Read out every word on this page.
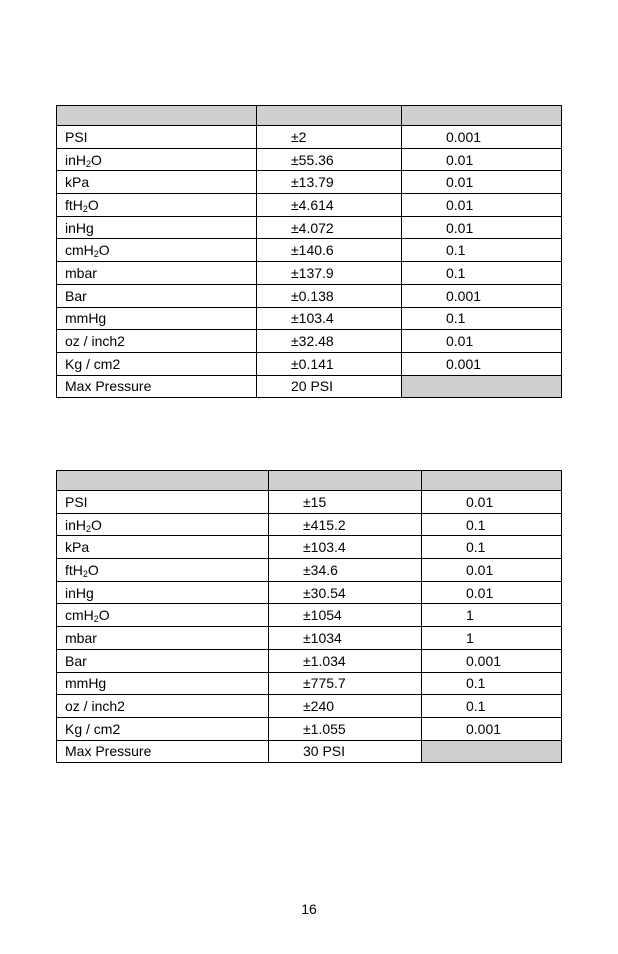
PSI	±2	0.001
inH$_2$O	±55.36	0.01
kPa	±13.79	0.01
ftH$_2$O	±4.614	0.01
inHg	±4.072	0.01
cmH$_2$O	±140.6	0.1
mbar	±137.9	0.1
Bar	±0.138	0.001
mmHg	±103.4	0.1
oz / inch2	±32.48	0.01
Kg / cm2	±0.141	0.001
Max Pressure	20 PSI	

PSI	±15	0.01
inH$_2$O	±415.2	0.1
kPa	±103.4	0.1
ftH$_2$O	±34.6	0.01
inHg	±30.54	0.01
cmH$_2$O	±1054	1
mbar	±1034	1
Bar	±1.034	0.001
mmHg	±775.7	0.1
oz / inch2	±240	0.1
Kg / cm2	±1.055	0.001
Max Pressure	30 PSI	
16
